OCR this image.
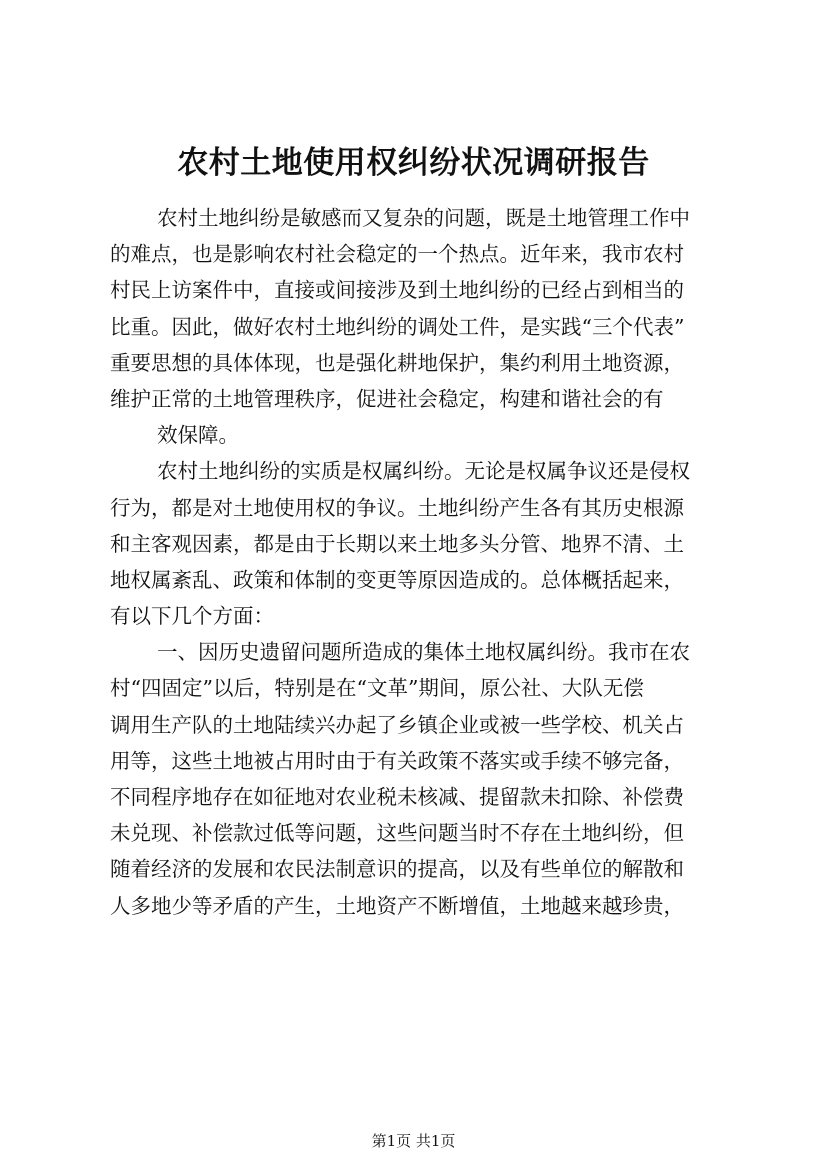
农村土地使用权纠纷状况调研报告
农村土地纠纷是敏感而又复杂的问题，既是土地管理工作中
的难点，也是影响农村社会稳定的一个热点。近年来，我市农村
村民上访案件中，直接或间接涉及到土地纠纷的已经占到相当的
比重。因此，做好农村土地纠纷的调处工件，是实践“三个代表”
重要思想的具体体现，也是强化耕地保护，集约利用土地资源，
维护正常的土地管理秩序，促进社会稳定，构建和谐社会的有
效保障。
农村土地纠纷的实质是权属纠纷。无论是权属争议还是侵权
行为，都是对土地使用权的争议。土地纠纷产生各有其历史根源
和主客观因素，都是由于长期以来土地多头分管、地界不清、土
地权属紊乱、政策和体制的变更等原因造成的。总体概括起来，
有以下几个方面：
一、因历史遗留问题所造成的集体土地权属纠纷。我市在农
村“四固定”以后，特别是在“文革”期间，原公社、大队无偿
调用生产队的土地陆续兴办起了乡镇企业或被一些学校、机关占
用等，这些土地被占用时由于有关政策不落实或手续不够完备，
不同程序地存在如征地对农业税未核减、提留款未扣除、补偿费
未兑现、补偿款过低等问题，这些问题当时不存在土地纠纷，但
随着经济的发展和农民法制意识的提高，以及有些单位的解散和
人多地少等矛盾的产生，土地资产不断增值，土地越来越珍贵，
第1页 共1页
